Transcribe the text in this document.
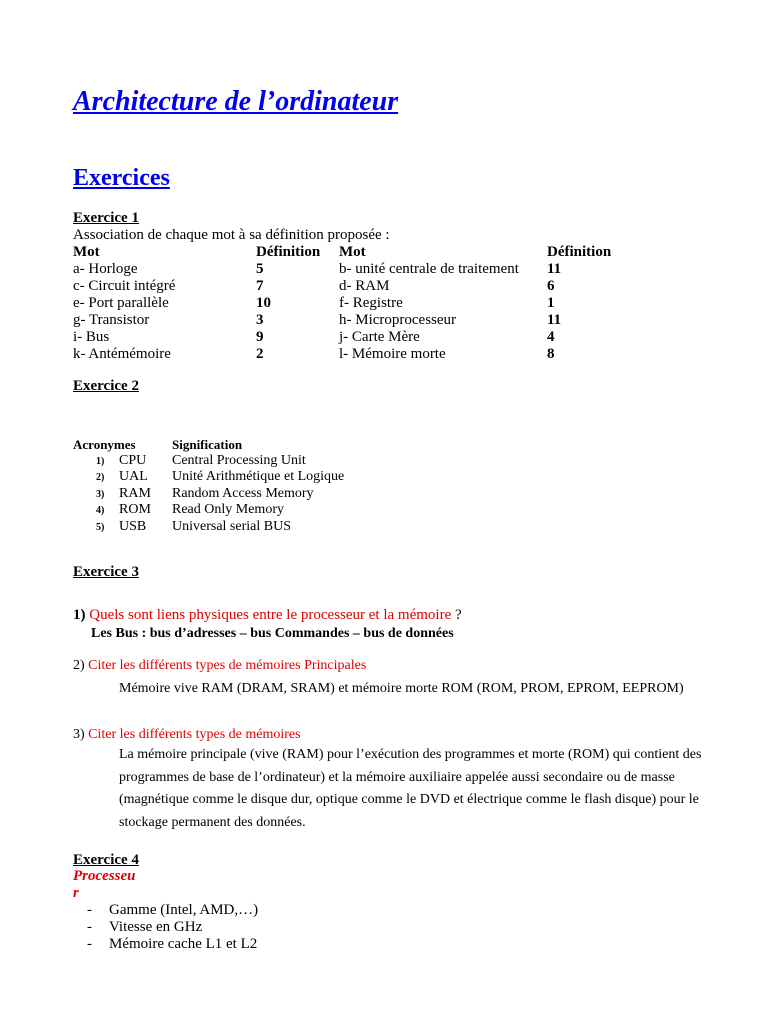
Architecture de l’ordinateur
Exercices
Exercice 1
Association de chaque mot à sa définition proposée :
Mot	Définition	Mot	Définition
a- Horloge	5	b- unité centrale de traitement	11
c- Circuit intégré	7	d- RAM	6
e- Port parallèle	10	f- Registre	1
g- Transistor	3	h- Microprocesseur	11
i- Bus	9	j- Carte Mère	4
k- Antémémoire	2	l- Mémoire morte	8
Exercice 2
Acronymes		Signification
1)	CPU	Central Processing Unit
2)	UAL	Unité Arithmétique et Logique
3)	RAM	Random Access Memory
4)	ROM	Read Only Memory
5)	USB	Universal serial BUS
Exercice 3
1) Quels sont liens physiques entre le processeur et la mémoire ?
Les Bus : bus d’adresses – bus Commandes – bus de données
2) Citer les différents types de mémoires Principales
Mémoire vive RAM (DRAM, SRAM) et mémoire morte ROM (ROM, PROM, EPROM, EEPROM)
3) Citer les différents types de mémoires
La mémoire principale (vive (RAM) pour l’exécution des programmes et morte (ROM) qui contient des programmes de base de l’ordinateur) et la mémoire auxiliaire appelée aussi secondaire ou de masse (magnétique comme le disque dur, optique comme le DVD et électrique comme le flash disque) pour le stockage permanent des données.
Exercice 4
Processeu
r
- Gamme (Intel, AMD,…)
- Vitesse en GHz
- Mémoire cache L1 et L2
